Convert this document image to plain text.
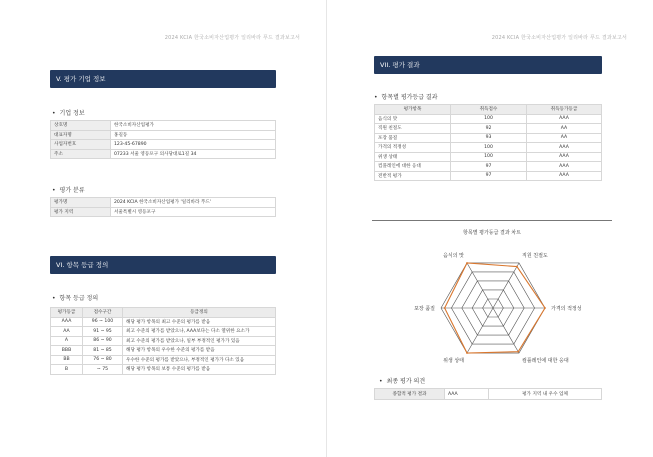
2024 KCIA 한국소비자산업평가 일리바라 푸드 결과보고서
V. 평가 기업 정보
• 기업 정보
상호명	한국소비자산업평가
대표자명	홍길동
사업자번호	123-45-67890
주소	07233 서울 영등포구 의사당대로1길 34
• 평가 분류
평가명	2024 KCIA 한국소비자산업평가 '일리바라 푸드'
평가 지역	서울특별시 영등포구
VI. 항목 등급 정의
• 항목 등급 정의
평가등급	점수구간	등급정의
AAA	96 ~ 100	해당 평가 항목의 최고 수준의 평가를 받음
AA	91 ~ 95	최고 수준의 평가를 받았으나, AAA보다는 다소 열위한 요소가
A	86 ~ 90	최고 수준의 평가를 받았으나, 일부 부정적인 평가가 있음
BBB	81 ~ 85	해당 평가 항목의 우수한 수준의 평가를 받음
BB	76 ~ 80	우수한 수준의 평가를 받았으나, 부정적인 평가가 다소 있음
B	~ 75	해당 평가 항목의 보통 수준의 평가를 받음
2024 KCIA 한국소비자산업평가 일리바라 푸드 결과보고서
VII. 평가 결과
• 항목별 평가등급 결과
평가항목	취득점수	취득등가등급
음식의 맛	100	AAA
직원 친절도	92	AA
포장 품질	93	AA
가격의 적정성	100	AAA
위생 상태	100	AAA
컴플레인에 대한 응대	97	AAA
전반적 평가	97	AAA
항목별 평가등급 결과 차트
음식의 맛	직원 친절도
가격의 적정성
컴플레인에 대한 응대
위생 상태
포장 품질
• 최종 평가 의견
종합적 평가 결과	AAA	평가 지역 내 우수 업체
